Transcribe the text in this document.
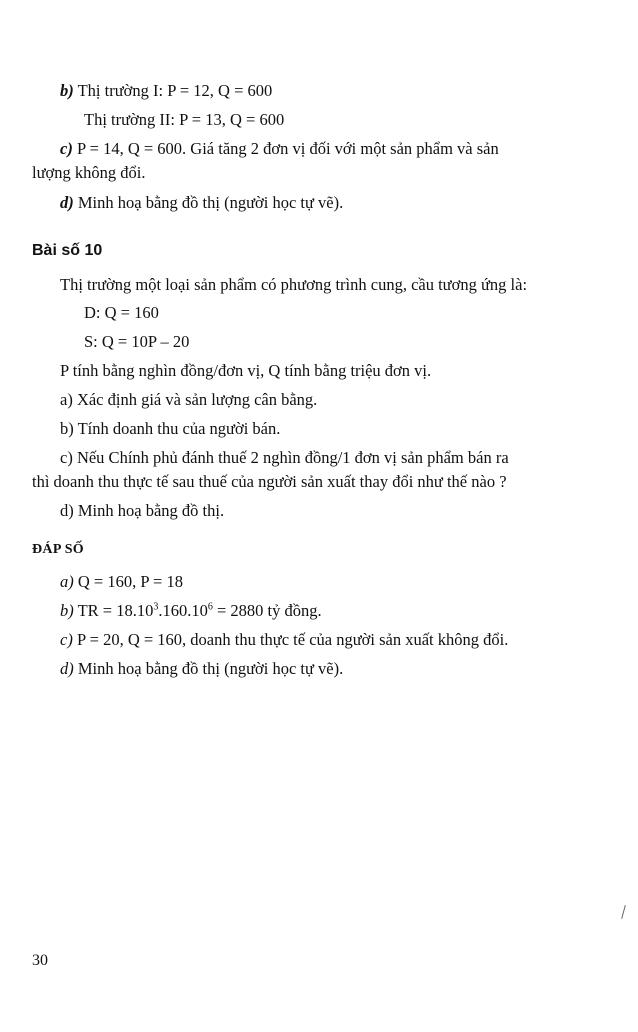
b) Thị trường I: P = 12, Q = 600
Thị trường II: P = 13, Q = 600
c) P = 14, Q = 600. Giá tăng 2 đơn vị đối với một sản phẩm và sản
lượng không đổi.
d) Minh hoạ bằng đồ thị (người học tự vẽ).
Bài số 10
Thị trường một loại sản phẩm có phương trình cung, cầu tương ứng là:
D: Q = 160
S: Q = 10P – 20
P tính bằng nghìn đồng/đơn vị, Q tính bằng triệu đơn vị.
a) Xác định giá và sản lượng cân bằng.
b) Tính doanh thu của người bán.
c) Nếu Chính phủ đánh thuế 2 nghìn đồng/1 đơn vị sản phẩm bán ra
thì doanh thu thực tế sau thuế của người sản xuất thay đổi như thế nào ?
d) Minh hoạ bằng đồ thị.
ĐÁP SỐ
a) Q = 160, P = 18
b) TR = $18.10^3.160.10^6 = 2880$ tỷ đồng.
c) P = 20, Q = 160, doanh thu thực tế của người sản xuất không đổi.
d) Minh hoạ bằng đồ thị (người học tự vẽ).
30
